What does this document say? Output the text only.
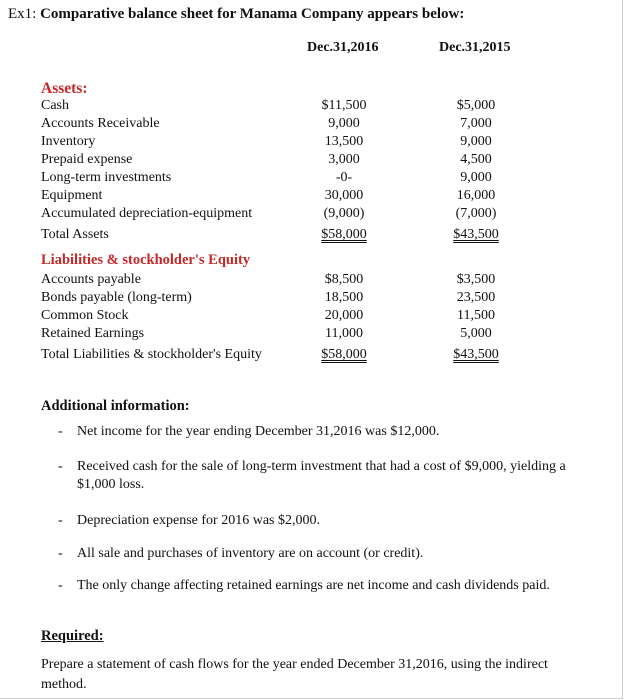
Ex1: Comparative balance sheet for Manama Company appears below:
Dec.31,2016	Dec.31,2015
Assets:
Cash	$11,500	$5,000
Accounts Receivable	9,000	7,000
Inventory	13,500	9,000
Prepaid expense	3,000	4,500
Long-term investments	-0-	9,000
Equipment	30,000	16,000
Accumulated depreciation-equipment	(9,000)	(7,000)
Total Assets	$58,000	$43,500
Liabilities & stockholder's Equity
Accounts payable	$8,500	$3,500
Bonds payable (long-term)	18,500	23,500
Common Stock	20,000	11,500
Retained Earnings	11,000	5,000
Total Liabilities & stockholder's Equity	$58,000	$43,500
Additional information:
- Net income for the year ending December 31,2016 was $12,000.
- Received cash for the sale of long-term investment that had a cost of $9,000, yielding a $1,000 loss.
- Depreciation expense for 2016 was $2,000.
- All sale and purchases of inventory are on account (or credit).
- The only change affecting retained earnings are net income and cash dividends paid.
Required:
Prepare a statement of cash flows for the year ended December 31,2016, using the indirect method.
